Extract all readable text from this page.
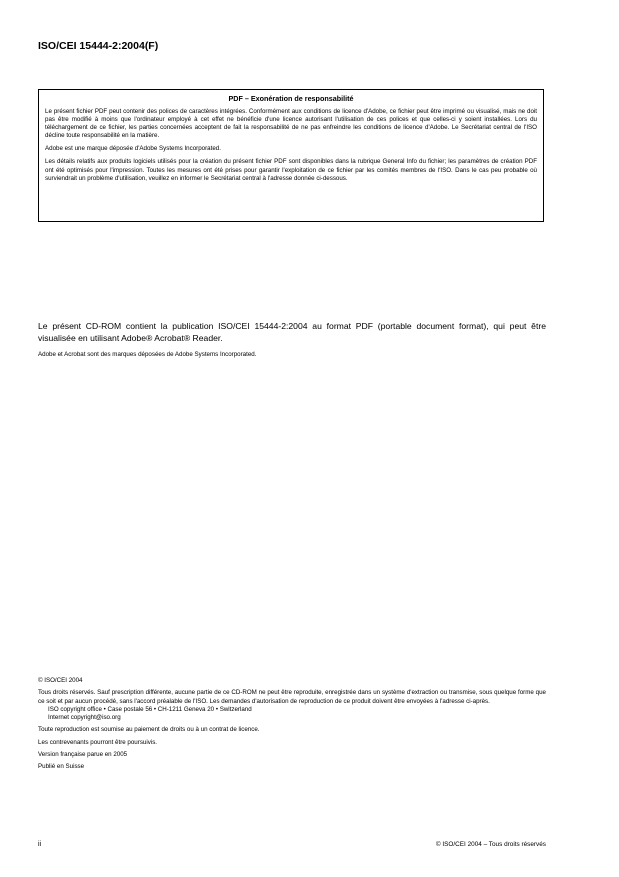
ISO/CEI 15444-2:2004(F)
PDF – Exonération de responsabilité

Le présent fichier PDF peut contenir des polices de caractères intégrées. Conformément aux conditions de licence d'Adobe, ce fichier peut être imprimé ou visualisé, mais ne doit pas être modifié à moins que l'ordinateur employé à cet effet ne bénéficie d'une licence autorisant l'utilisation de ces polices et que celles-ci y soient installées. Lors du téléchargement de ce fichier, les parties concernées acceptent de fait la responsabilité de ne pas enfreindre les conditions de licence d'Adobe. Le Secrétariat central de l'ISO décline toute responsabilité en la matière.

Adobe est une marque déposée d'Adobe Systems Incorporated.

Les détails relatifs aux produits logiciels utilisés pour la création du présent fichier PDF sont disponibles dans la rubrique General Info du fichier; les paramètres de création PDF ont été optimisés pour l'impression. Toutes les mesures ont été prises pour garantir l'exploitation de ce fichier par les comités membres de l'ISO. Dans le cas peu probable où surviendrait un problème d'utilisation, veuillez en informer le Secrétariat central à l'adresse donnée ci-dessous.

Le présent CD-ROM contient la publication ISO/CEI 15444-2:2004 au format PDF (portable document format), qui peut être visualisée en utilisant Adobe® Acrobat® Reader.

Adobe et Acrobat sont des marques déposées de Adobe Systems Incorporated.

© ISO/CEI 2004

Tous droits réservés. Sauf prescription différente, aucune partie de ce CD-ROM ne peut être reproduite, enregistrée dans un système d'extraction ou transmise, sous quelque forme que ce soit et par aucun procédé, sans l'accord préalable de l'ISO. Les demandes d'autorisation de reproduction de ce produit doivent être envoyées à l'adresse ci-après.

ISO copyright office • Case postale 56 • CH-1211 Geneva 20 • Switzerland

Internet copyright@iso.org

Toute reproduction est soumise au paiement de droits ou à un contrat de licence.

Les contrevenants pourront être poursuivis.

Version française parue en 2005

Publié en Suisse

ii	© ISO/CEI 2004 – Tous droits réservés
